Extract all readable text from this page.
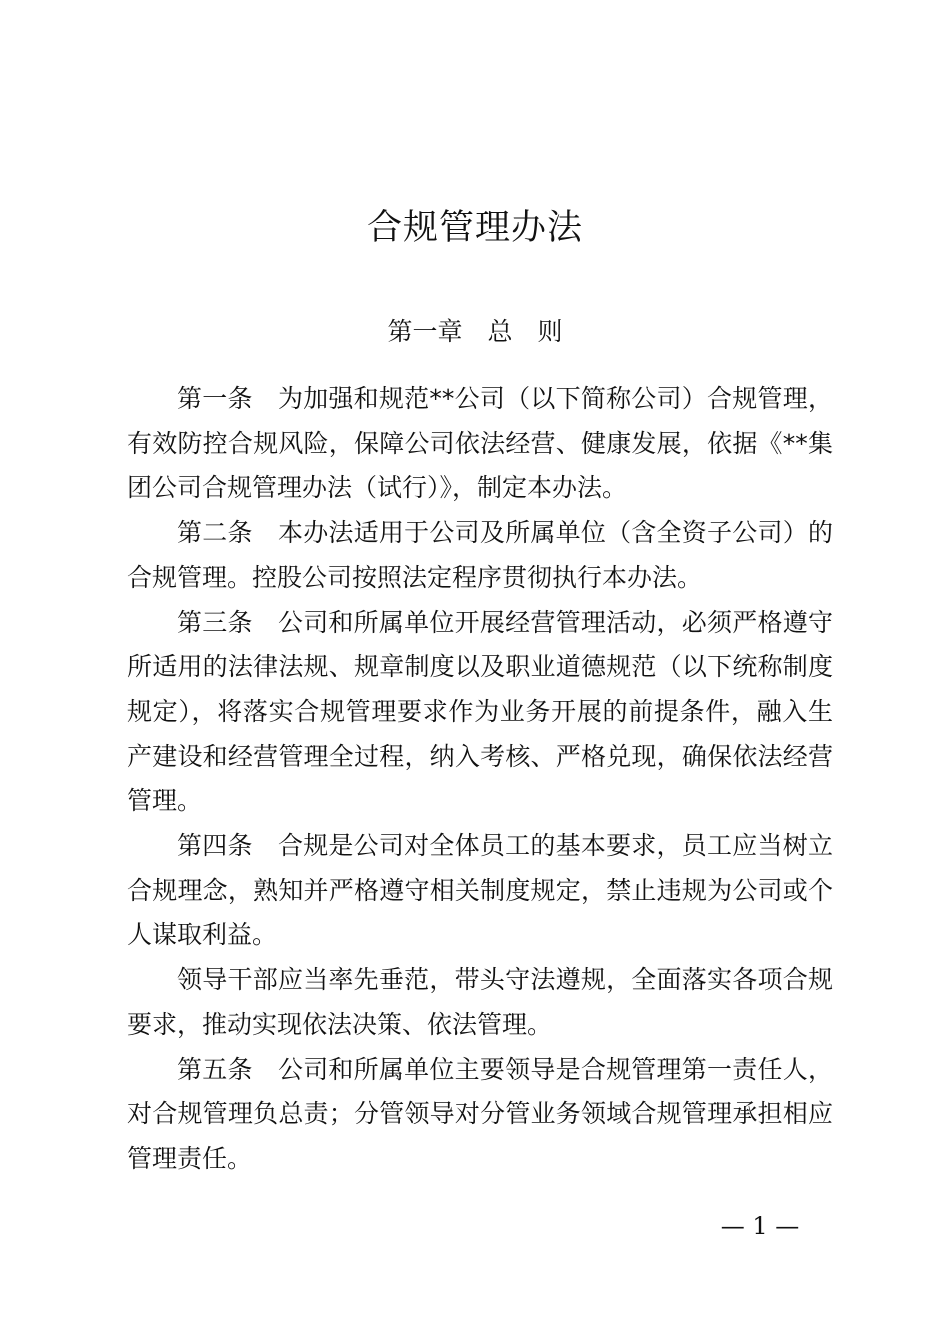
合规管理办法
第一章　总　则

第一条　为加强和规范**公司（以下简称公司）合规管理，有效防控合规风险，保障公司依法经营、健康发展，依据《**集团公司合规管理办法（试行）》，制定本办法。

第二条　本办法适用于公司及所属单位（含全资子公司）的合规管理。控股公司按照法定程序贯彻执行本办法。

第三条　公司和所属单位开展经营管理活动，必须严格遵守所适用的法律法规、规章制度以及职业道德规范（以下统称制度规定），将落实合规管理要求作为业务开展的前提条件，融入生产建设和经营管理全过程，纳入考核、严格兑现，确保依法经营管理。

第四条　合规是公司对全体员工的基本要求，员工应当树立合规理念，熟知并严格遵守相关制度规定，禁止违规为公司或个人谋取利益。

领导干部应当率先垂范，带头守法遵规，全面落实各项合规要求，推动实现依法决策、依法管理。

第五条　公司和所属单位主要领导是合规管理第一责任人，对合规管理负总责；分管领导对分管业务领域合规管理承担相应管理责任。

— 1 —
